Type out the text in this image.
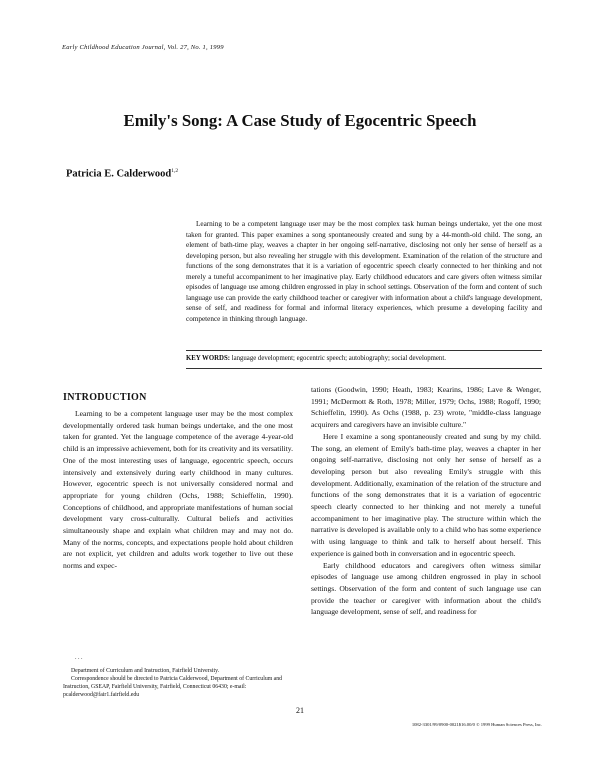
Early Childhood Education Journal, Vol. 27, No. 1, 1999
Emily's Song: A Case Study of Egocentric Speech
Patricia E. Calderwood$^{1,2}$
Learning to be a competent language user may be the most complex task human beings undertake, yet the one most taken for granted. This paper examines a song spontaneously created and sung by a 44-month-old child. The song, an element of bath-time play, weaves a chapter in her ongoing self-narrative, disclosing not only her sense of herself as a developing person, but also revealing her struggle with this development. Examination of the relation of the structure and functions of the song demonstrates that it is a variation of egocentric speech clearly connected to her thinking and not merely a tuneful accompaniment to her imaginative play. Early childhood educators and care givers often witness similar episodes of language use among children engrossed in play in school settings. Observation of the form and content of such language use can provide the early childhood teacher or caregiver with information about a child's language development, sense of self, and readiness for formal and informal literacy experiences, which presume a developing facility and competence in thinking through language.
KEY WORDS: language development; egocentric speech; autobiography; social development.
INTRODUCTION

Learning to be a competent language user may be the most complex developmentally ordered task human beings undertake, and the one most taken for granted. Yet the language competence of the average 4-year-old child is an impressive achievement, both for its creativity and its versatility. One of the most interesting uses of language, egocentric speech, occurs intensively and extensively during early childhood in many cultures. However, egocentric speech is not universally considered normal and appropriate for young children (Ochs, 1988; Schieffelin, 1990). Conceptions of childhood, and appropriate manifestations of human social development vary cross-culturally. Cultural beliefs and activities simultaneously shape and explain what children may and may not do. Many of the norms, concepts, and expectations people hold about children are not explicit, yet children and adults work together to live out these norms and expec-

. . .

Department of Curriculum and Instruction, Fairfield University.

Correspondence should be directed to Patricia Calderwood, Department of Curriculum and Instruction, GSEAP, Fairfield University, Fairfield, Connecticut 06430; e-mail: pcalderwood@fair1.fairfield.edu

tations (Goodwin, 1990; Heath, 1983; Kearins, 1986; Lave & Wenger, 1991; McDermott & Roth, 1978; Miller, 1979; Ochs, 1988; Rogoff, 1990; Schieffelin, 1990). As Ochs (1988, p. 23) wrote, "middle-class language acquirers and caregivers have an invisible culture."

Here I examine a song spontaneously created and sung by my child. The song, an element of Emily's bath-time play, weaves a chapter in her ongoing self-narrative, disclosing not only her sense of herself as a developing person but also revealing Emily's struggle with this development. Additionally, examination of the relation of the structure and functions of the song demonstrates that it is a variation of egocentric speech clearly connected to her thinking and not merely a tuneful accompaniment to her imaginative play. The structure within which the narrative is developed is available only to a child who has some experience with using language to think and talk to herself about herself. This experience is gained both in conversation and in egocentric speech.

Early childhood educators and caregivers often witness similar episodes of language use among children engrossed in play in school settings. Observation of the form and content of such language use can provide the teacher or caregiver with information about the child's language development, sense of self, and readiness for

21
1082-3301/99/0900-0021$16.00/0 © 1999 Human Sciences Press, Inc.
